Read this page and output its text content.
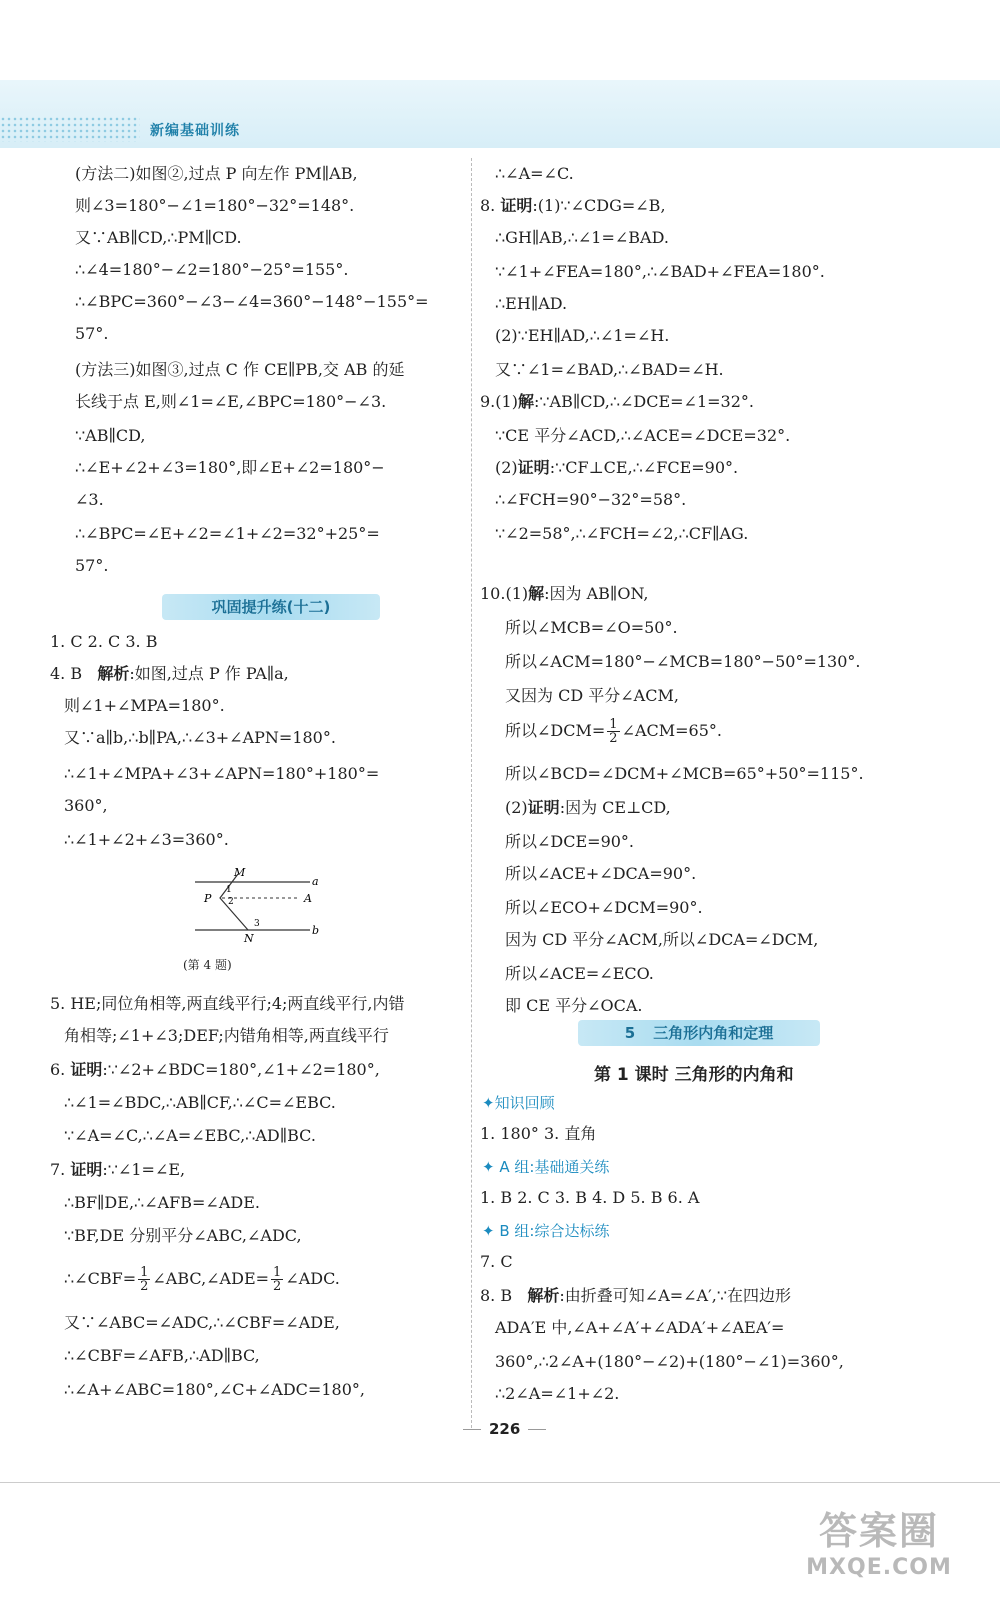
新编基础训练
(方法二)如图②,过点 P 向左作 PM∥AB,
则∠3=180°−∠1=180°−32°=148°.
又∵AB∥CD,∴PM∥CD.
∴∠4=180°−∠2=180°−25°=155°.
∴∠BPC=360°−∠3−∠4=360°−148°−155°=
57°.
(方法三)如图③,过点 C 作 CE∥PB,交 AB 的延
长线于点 E,则∠1=∠E,∠BPC=180°−∠3.
∵AB∥CD,
∴∠E+∠2+∠3=180°,即∠E+∠2=180°−
∠3.
∴∠BPC=∠E+∠2=∠1+∠2=32°+25°=
57°.
巩固提升练(十二)
1. C 2. C 3. B
4. B 解析:如图,过点 P 作 PA∥a,
则∠1+∠MPA=180°.
又∵a∥b,∴b∥PA,∴∠3+∠APN=180°.
∴∠1+∠MPA+∠3+∠APN=180°+180°=
360°,
∴∠1+∠2+∠3=360°.
M
P	A
a
b
N
1
2
3
(第 4 题)
5. HE;同位角相等,两直线平行;4;两直线平行,内错
角相等;∠1+∠3;DEF;内错角相等,两直线平行
6. 证明:∵∠2+∠BDC=180°,∠1+∠2=180°,
∴∠1=∠BDC,∴AB∥CF,∴∠C=∠EBC.
∵∠A=∠C,∴∠A=∠EBC,∴AD∥BC.
7. 证明:∵∠1=∠E,
∴BF∥DE,∴∠AFB=∠ADE.
∵BF,DE 分别平分∠ABC,∠ADC,
∴∠CBF= $\frac{1}{2}$ ∠ABC,∠ADE= $\frac{1}{2}$ ∠ADC.
又∵∠ABC=∠ADC,∴∠CBF=∠ADE,
∴∠CBF=∠AFB,∴AD∥BC,
∴∠A+∠ABC=180°,∠C+∠ADC=180°,
∴∠A=∠C.
8. 证明:(1)∵∠CDG=∠B,
∴GH∥AB,∴∠1=∠BAD.
∵∠1+∠FEA=180°,∴∠BAD+∠FEA=180°.
∴EH∥AD.
(2)∵EH∥AD,∴∠1=∠H.
又∵∠1=∠BAD,∴∠BAD=∠H.
9.(1)解:∵AB∥CD,∴∠DCE=∠1=32°.
∵CE 平分∠ACD,∴∠ACE=∠DCE=32°.
(2)证明:∵CF⊥CE,∴∠FCE=90°.
∴∠FCH=90°−32°=58°.
∵∠2=58°,∴∠FCH=∠2,∴CF∥AG.
10.(1)解:因为 AB∥ON,
所以∠MCB=∠O=50°.
所以∠ACM=180°−∠MCB=180°−50°=130°.
又因为 CD 平分∠ACM,
所以∠DCM= $\frac{1}{2}$ ∠ACM=65°.
所以∠BCD=∠DCM+∠MCB=65°+50°=115°.
(2)证明:因为 CE⊥CD,
所以∠DCE=90°.
所以∠ACE+∠DCA=90°.
所以∠ECO+∠DCM=90°.
因为 CD 平分∠ACM,所以∠DCA=∠DCM,
所以∠ACE=∠ECO.
即 CE 平分∠OCA.
5 三角形内角和定理
第 1 课时 三角形的内角和
✦知识回顾
1. 180° 3. 直角
✦ A 组:基础通关练
1. B 2. C 3. B 4. D 5. B 6. A
✦ B 组:综合达标练
7. C
8. B 解析:由折叠可知∠A=∠A′,∵在四边形
ADA′E 中,∠A+∠A′+∠ADA′+∠AEA′=
360°,∴2∠A+(180°−∠2)+(180°−∠1)=360°,
∴2∠A=∠1+∠2.
226
答案圈
MXQE.COM
